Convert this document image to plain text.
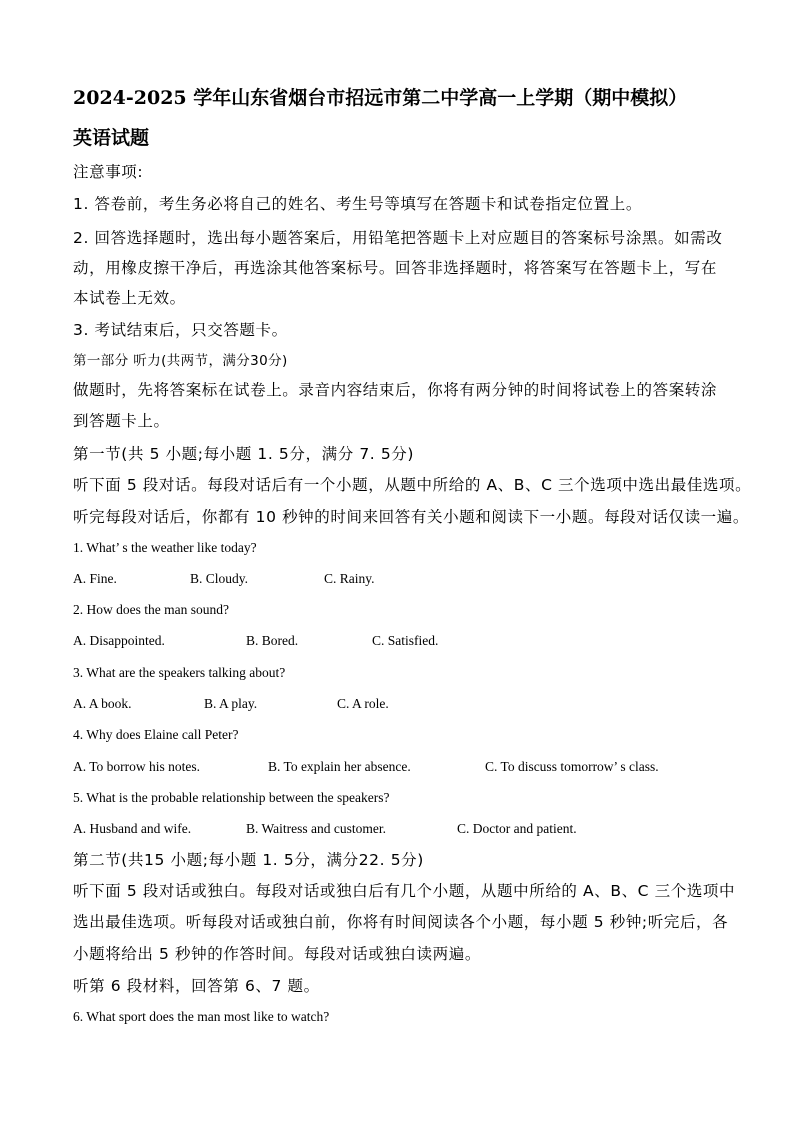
2024-2025 学年山东省烟台市招远市第二中学高一上学期（期中模拟）
英语试题
注意事项:
1. 答卷前，考生务必将自己的姓名、考生号等填写在答题卡和试卷指定位置上。
2. 回答选择题时，选出每小题答案后，用铅笔把答题卡上对应题目的答案标号涂黑。如需改
动，用橡皮擦干净后，再选涂其他答案标号。回答非选择题时，将答案写在答题卡上，写在
本试卷上无效。
3. 考试结束后，只交答题卡。
第一部分 听力(共两节，满分30分)
做题时，先将答案标在试卷上。录音内容结束后，你将有两分钟的时间将试卷上的答案转涂
到答题卡上。
第一节(共 5 小题;每小题 1. 5分，满分 7. 5分)
听下面 5 段对话。每段对话后有一个小题，从题中所给的 A、B、C 三个选项中选出最佳选项。
听完每段对话后，你都有 10 秒钟的时间来回答有关小题和阅读下一小题。每段对话仅读一遍。
1. What’ s the weather like today?
A. Fine.	B. Cloudy.	C. Rainy.
2. How does the man sound?
A. Disappointed.	B. Bored.	C. Satisfied.
3. What are the speakers talking about?
A. A book.	B. A play.	C. A role.
4. Why does Elaine call Peter?
A. To borrow his notes.	B. To explain her absence.	C. To discuss tomorrow’ s class.
5. What is the probable relationship between the speakers?
A. Husband and wife.	B. Waitress and customer.	C. Doctor and patient.
第二节(共15 小题;每小题 1. 5分，满分22. 5分)
听下面 5 段对话或独白。每段对话或独白后有几个小题，从题中所给的 A、B、C 三个选项中
选出最佳选项。听每段对话或独白前，你将有时间阅读各个小题，每小题 5 秒钟;听完后，各
小题将给出 5 秒钟的作答时间。每段对话或独白读两遍。
听第 6 段材料，回答第 6、7 题。
6. What sport does the man most like to watch?
